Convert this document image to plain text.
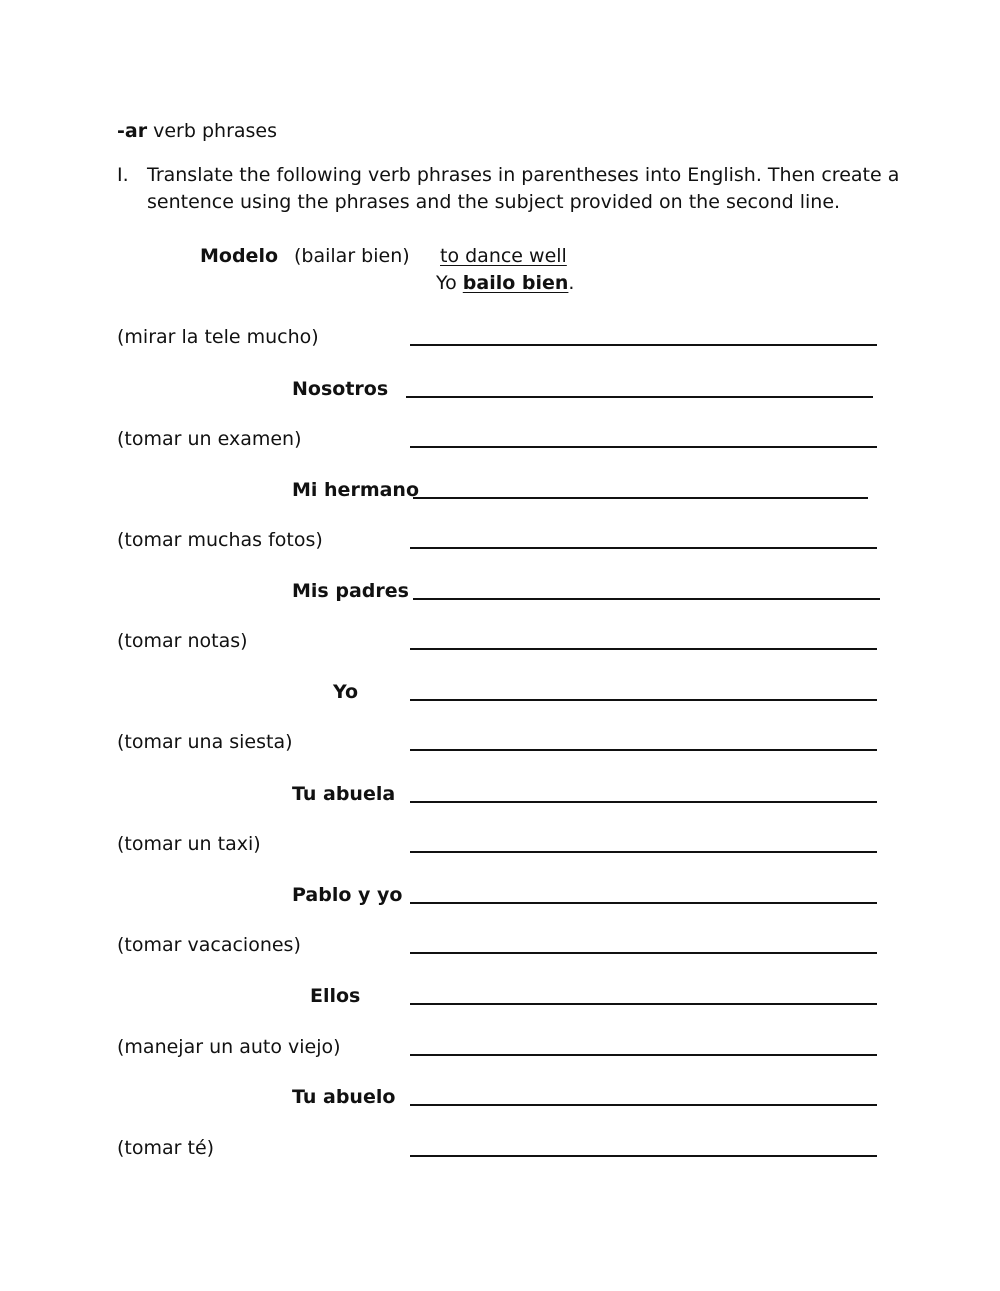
-ar verb phrases
I. Translate the following verb phrases in parentheses into English. Then create a sentence using the phrases and the subject provided on the second line.
Modelo (bailar bien) to dance well
Yo bailo bien.
(mirar la tele mucho)
Nosotros
(tomar un examen)
Mi hermano
(tomar muchas fotos)
Mis padres
(tomar notas)
Yo
(tomar una siesta)
Tu abuela
(tomar un taxi)
Pablo y yo
(tomar vacaciones)
Ellos
(manejar un auto viejo)
Tu abuelo
(tomar té)
